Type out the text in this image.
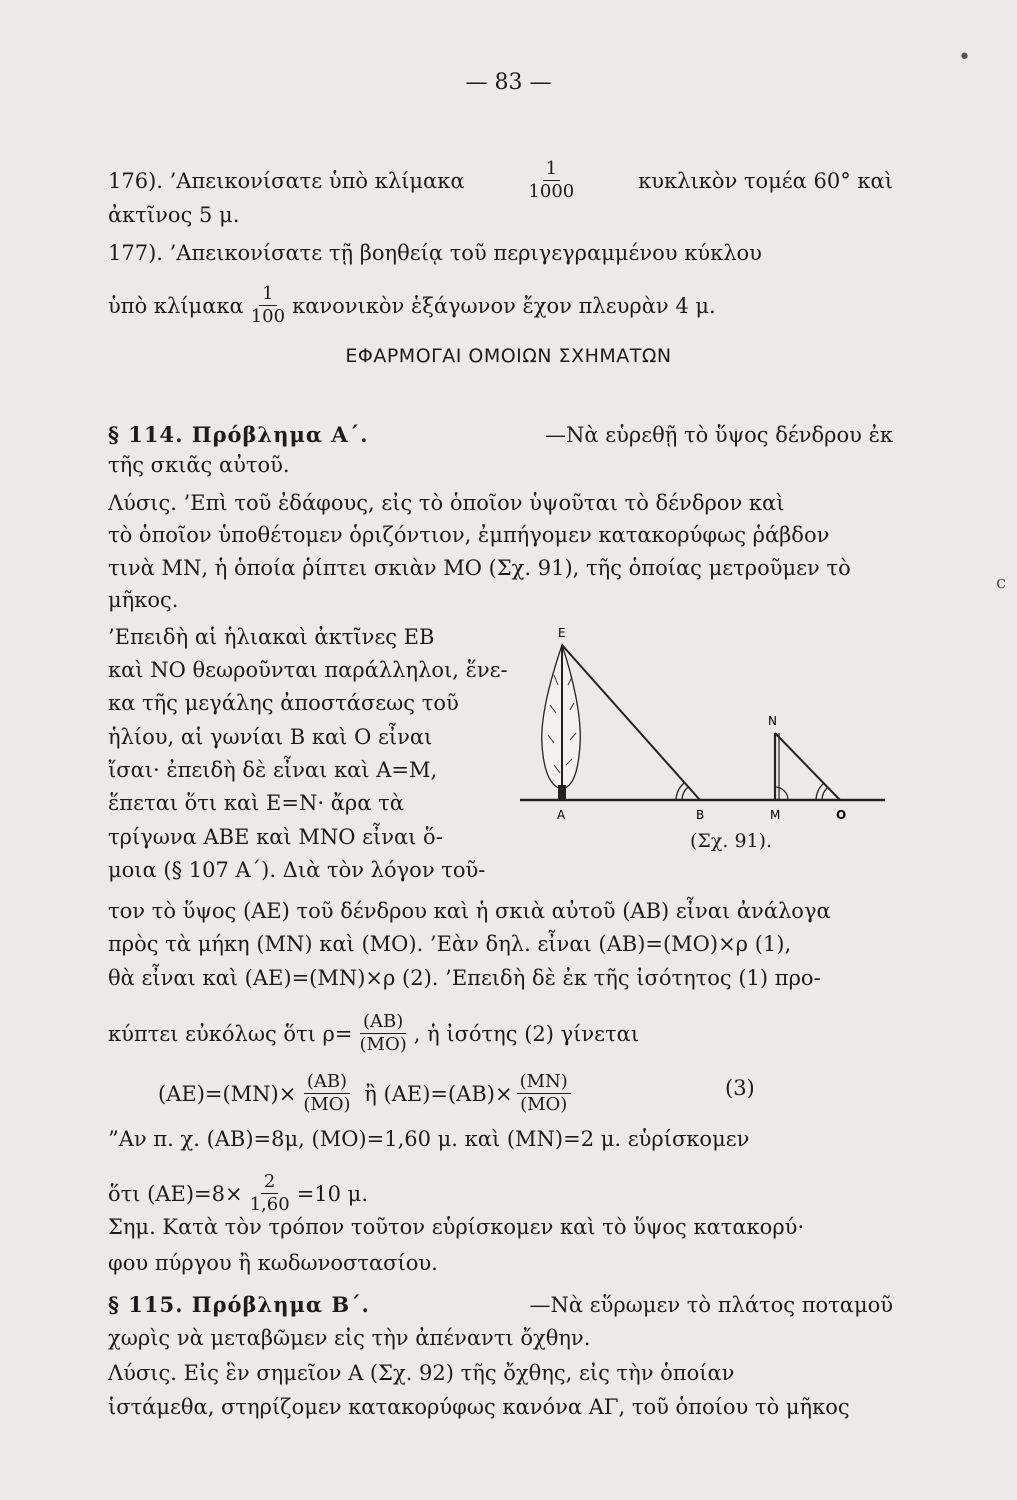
— 83 —
176). ’Απεικονίσατε ὑπὸ κλίμακα	$\frac{1}{1000}$	κυκλικὸν τομέα 60° καὶ
ἀκτῖνος 5 μ.
177). ’Απεικονίσατε τῇ βοηθείᾳ τοῦ περιγεγραμμένου κύκλου
ὑπὸ κλίμακα $\frac{1}{100}$ κανονικὸν ἑξάγωνον ἔχον πλευρὰν 4 μ.
ΕΦΑΡΜΟΓΑΙ ΟΜΟΙΩΝ ΣΧΗΜΑΤΩΝ
§ 114. Πρόβλημα Α΄.	—Νὰ εὑρεθῇ τὸ ὕψος δένδρου ἐκ
τῆς σκιᾶς αὐτοῦ.
Λύσις. ’Επὶ τοῦ ἐδάφους, εἰς τὸ ὁποῖον ὑψοῦται τὸ δένδρον καὶ
τὸ ὁποῖον ὑποθέτομεν ὁριζόντιον, ἐμπήγομεν κατακορύφως ῥάβδον
τινὰ ΜΝ, ἡ ὁποία ῥίπτει σκιὰν ΜΟ (Σχ. 91), τῆς ὁποίας μετροῦμεν τὸ
μῆκος.
’Επειδὴ αἱ ἡλιακαὶ ἀκτῖνες ΕΒ
καὶ ΝΟ θεωροῦνται παράλληλοι, ἕνε-
κα τῆς μεγάλης ἀποστάσεως τοῦ
ἡλίου, αἱ γωνίαι Β καὶ Ο εἶναι
ἴσαι· ἐπειδὴ δὲ εἶναι καὶ Α=Μ,
ἕπεται ὅτι καὶ Ε=Ν· ἄρα τὰ
τρίγωνα ΑΒΕ καὶ ΜΝΟ εἶναι ὅ-
μοια (§ 107 Α΄). Διὰ τὸν λόγον τοῦ-
E
A	B
N
M	O
(Σχ. 91).
τον τὸ ὕψος (ΑΕ) τοῦ δένδρου καὶ ἡ σκιὰ αὐτοῦ (ΑΒ) εἶναι ἀνάλογα
πρὸς τὰ μήκη (ΜΝ) καὶ (ΜΟ). ’Εὰν δηλ. εἶναι (ΑΒ)=(ΜΟ)×ρ (1),
θὰ εἶναι καὶ (ΑΕ)=(ΜΝ)×ρ (2). ’Επειδὴ δὲ ἐκ τῆς ἰσότητος (1) προ-
κύπτει εὐκόλως ὅτι $\rho= \frac{(AB)}{(MO)}$ , ἡ ἰσότης (2) γίνεται
$(AE)=(MN)\times \frac{(AB)}{(MO)}$ ἢ $(AE)=(AB)\times \frac{(MN)}{(MO)}$	(3)
”Αν π. χ. (ΑΒ)=8μ, (ΜΟ)=1,60 μ. καὶ (ΜΝ)=2 μ. εὑρίσκομεν
ὅτι $(AE)=8\times \frac{2}{1,60} =10$ μ.
Σημ. Κατὰ τὸν τρόπον τοῦτον εὑρίσκομεν καὶ τὸ ὕψος κατακορύ·
φου πύργου ἢ κωδωνοστασίου.
§ 115. Πρόβλημα Β΄.	—Νὰ εὕρωμεν τὸ πλάτος ποταμοῦ
χωρὶς νὰ μεταβῶμεν εἰς τὴν ἀπέναντι ὄχθην.
Λύσις. Εἰς ἓν σημεῖον Α (Σχ. 92) τῆς ὄχθης, εἰς τὴν ὁποίαν
ἱστάμεθα, στηρίζομεν κατακορύφως κανόνα ΑΓ, τοῦ ὁποίου τὸ μῆκος
•
c
